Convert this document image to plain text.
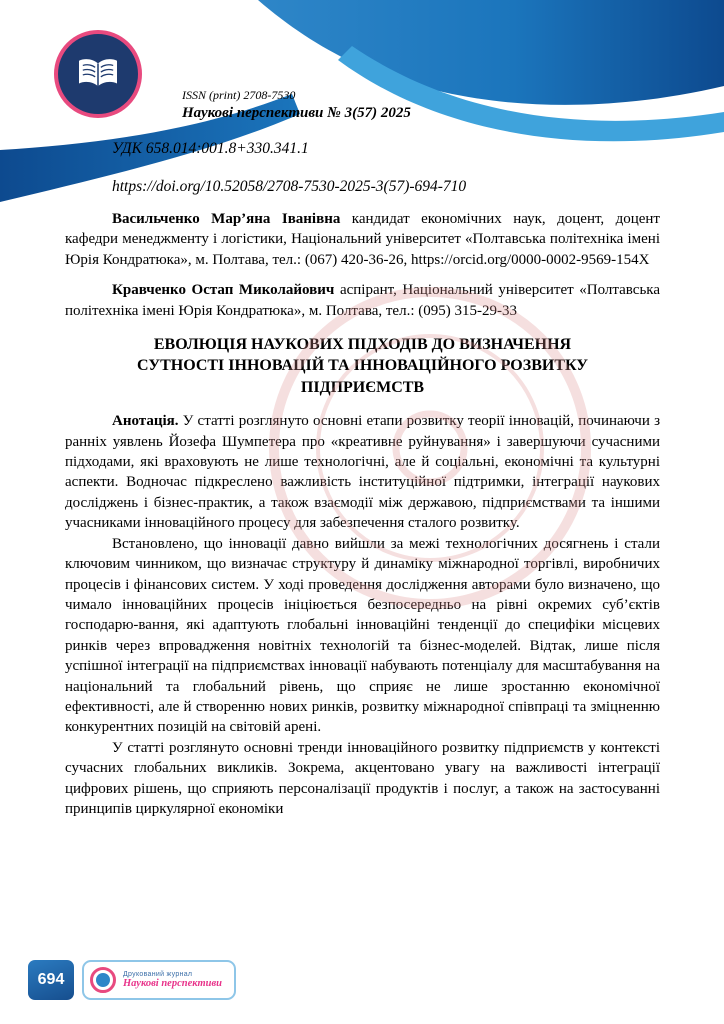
ISSN (print) 2708-7530
Наукові перспективи № 3(57) 2025

УДК 658.014:001.8+330.341.1

https://doi.org/10.52058/2708-7530-2025-3(57)-694-710

Васильченко Мар’яна Іванівна кандидат економічних наук, доцент, доцент кафедри менеджменту і логістики, Національний університет «Полтавська політехніка імені Юрія Кондратюка», м. Полтава, тел.: (067) 420-36-26, https://orcid.org/0000-0002-9569-154X

Кравченко Остап Миколайович аспірант, Національний університет «Полтавська політехніка імені Юрія Кондратюка», м. Полтава, тел.: (095) 315-29-33

ЕВОЛЮЦІЯ НАУКОВИХ ПІДХОДІВ ДО ВИЗНАЧЕННЯ СУТНОСТІ ІННОВАЦІЙ ТА ІННОВАЦІЙНОГО РОЗВИТКУ ПІДПРИЄМСТВ

Анотація. У статті розглянуто основні етапи розвитку теорії інновацій, починаючи з ранніх уявлень Йозефа Шумпетера про «креативне руйнування» і завершуючи сучасними підходами, які враховують не лише технологічні, але й соціальні, економічні та культурні аспекти. Водночас підкреслено важливість інституційної підтримки, інтеграції наукових досліджень і бізнес-практик, а також взаємодії між державою, підприємствами та іншими учасниками інноваційного процесу для забезпечення сталого розвитку.

Встановлено, що інновації давно вийшли за межі технологічних досягнень і стали ключовим чинником, що визначає структуру й динаміку міжнародної торгівлі, виробничих процесів і фінансових систем. У ході проведення дослідження авторами було визначено, що чимало інноваційних процесів ініціюється безпосередньо на рівні окремих суб’єктів господарю-вання, які адаптують глобальні інноваційні тенденції до специфіки місцевих ринків через впровадження новітніх технологій та бізнес-моделей. Відтак, лише після успішної інтеграції на підприємствах інновації набувають потенціалу для масштабування на національний та глобальний рівень, що сприяє не лише зростанню економічної ефективності, але й створенню нових ринків, розвитку міжнародної співпраці та зміцненню конкурентних позицій на світовій арені.

У статті розглянуто основні тренди інноваційного розвитку підприємств у контексті сучасних глобальних викликів. Зокрема, акцентовано увагу на важливості інтеграції цифрових рішень, що сприяють персоналізації продуктів і послуг, а також на застосуванні принципів циркулярної економіки

694	Друкований журнал
Наукові перспективи
